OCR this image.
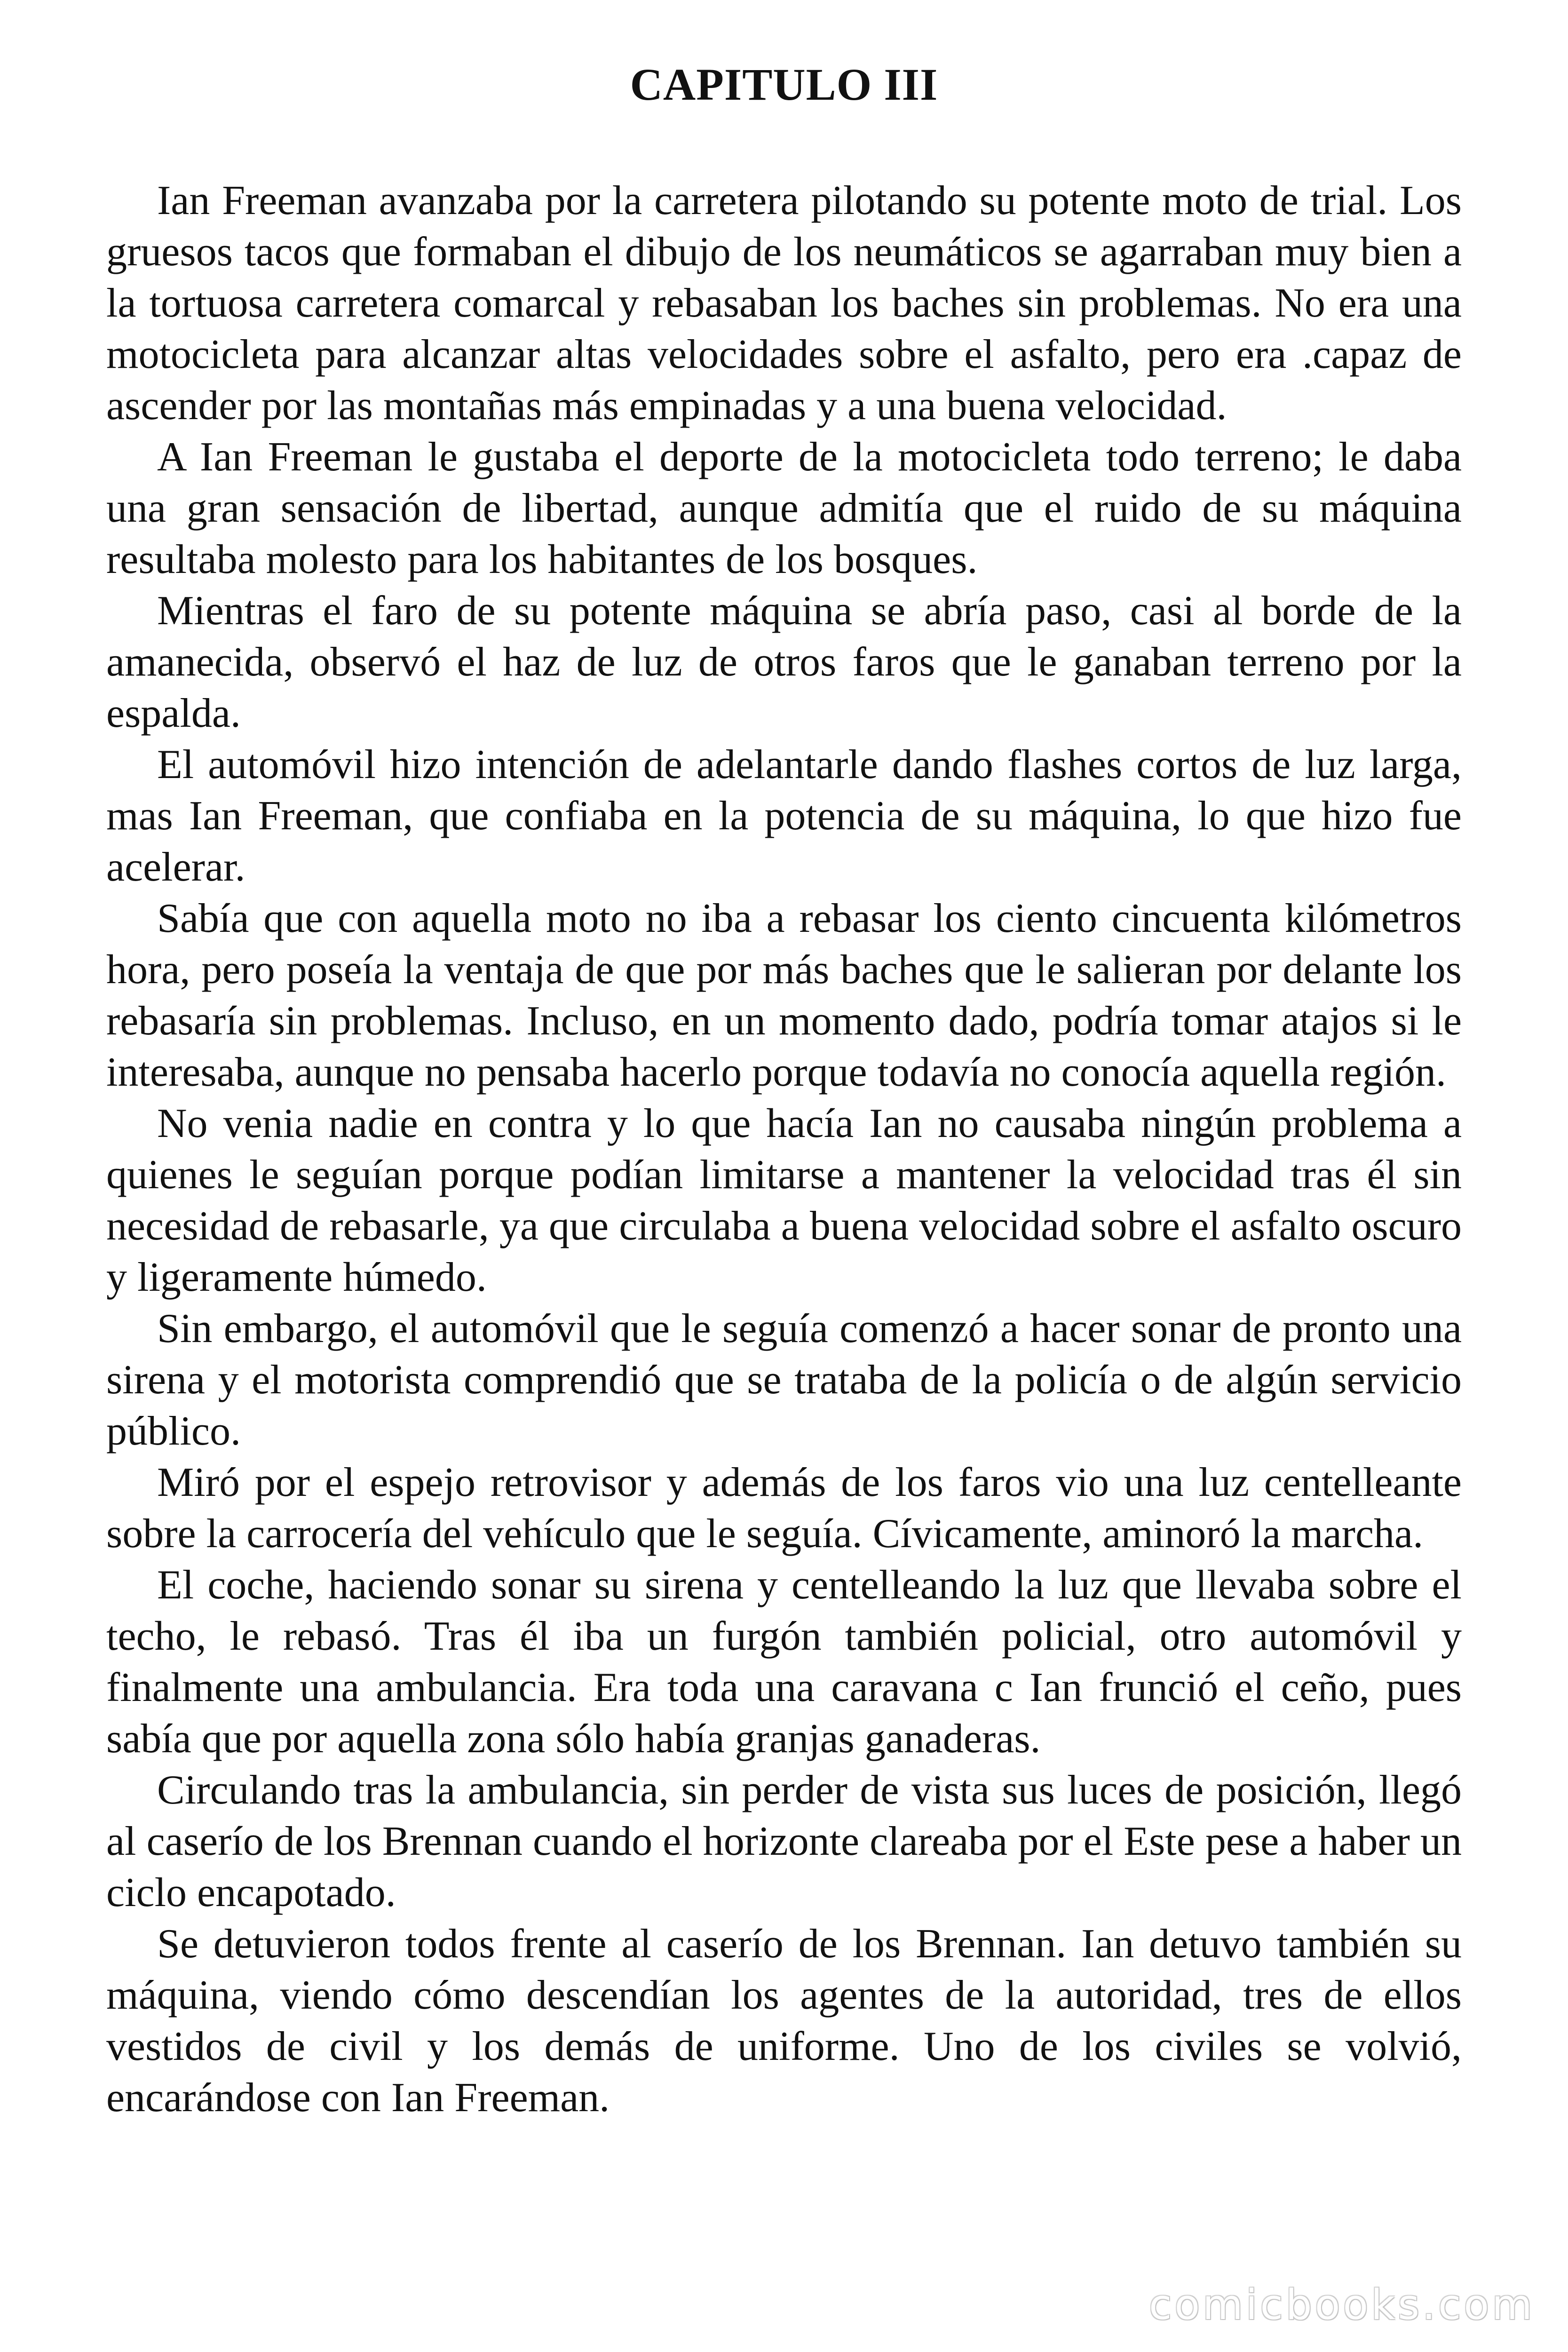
CAPITULO III

Ian Freeman avanzaba por la carretera pilotando su potente moto de trial. Los gruesos tacos que formaban el dibujo de los neumáticos se agarraban muy bien a la tortuosa carretera comarcal y rebasaban los baches sin problemas. No era una motocicleta para alcanzar altas velocidades sobre el asfalto, pero era .capaz de ascender por las montañas más empinadas y a una buena velocidad.

A Ian Freeman le gustaba el deporte de la motocicleta todo terreno; le daba una gran sensación de libertad, aunque admitía que el ruido de su máquina resultaba molesto para los habitantes de los bosques.

Mientras el faro de su potente máquina se abría paso, casi al borde de la amanecida, observó el haz de luz de otros faros que le ganaban terreno por la espalda.

El automóvil hizo intención de adelantarle dando flashes cortos de luz larga, mas Ian Freeman, que confiaba en la potencia de su máquina, lo que hizo fue acelerar.

Sabía que con aquella moto no iba a rebasar los ciento cincuenta kilómetros hora, pero poseía la ventaja de que por más baches que le salieran por delante los rebasaría sin problemas. Incluso, en un momento dado, podría tomar atajos si le interesaba, aunque no pensaba hacerlo porque todavía no conocía aquella región.

No venia nadie en contra y lo que hacía Ian no causaba ningún problema a quienes le seguían porque podían limitarse a mantener la velocidad tras él sin necesidad de rebasarle, ya que circulaba a buena velocidad sobre el asfalto oscuro y ligeramente húmedo.

Sin embargo, el automóvil que le seguía comenzó a hacer sonar de pronto una sirena y el motorista comprendió que se trataba de la policía o de algún servicio público.

Miró por el espejo retrovisor y además de los faros vio una luz centelleante sobre la carrocería del vehículo que le seguía. Cívicamente, aminoró la marcha.

El coche, haciendo sonar su sirena y centelleando la luz que llevaba sobre el techo, le rebasó. Tras él iba un furgón también policial, otro automóvil y finalmente una ambulancia. Era toda una caravana c Ian frunció el ceño, pues sabía que por aquella zona sólo había granjas ganaderas.

Circulando tras la ambulancia, sin perder de vista sus luces de posición, llegó al caserío de los Brennan cuando el horizonte clareaba por el Este pese a haber un ciclo encapotado.

Se detuvieron todos frente al caserío de los Brennan. Ian detuvo también su máquina, viendo cómo descendían los agentes de la autoridad, tres de ellos vestidos de civil y los demás de uniforme. Uno de los civiles se volvió, encarándose con Ian Freeman.

comicbooks.com
